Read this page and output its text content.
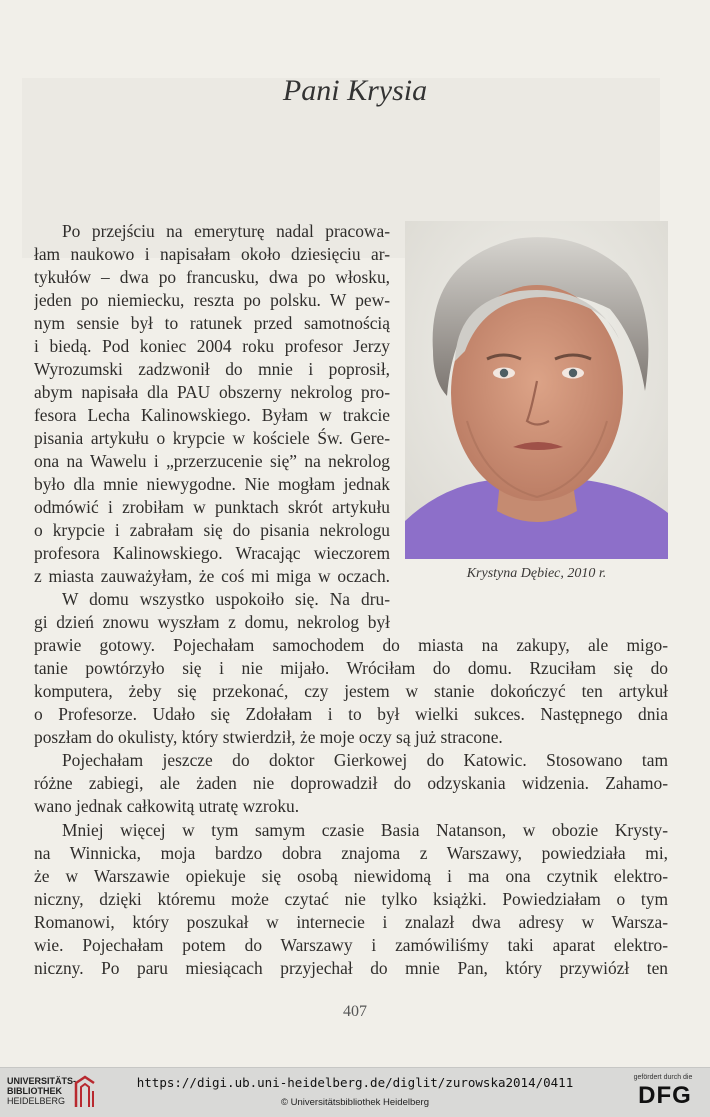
Pani Krysia
Po przejściu na emeryturę nadal pracowa-
łam naukowo i napisałam około dziesięciu ar-
tykułów – dwa po francusku, dwa po włosku,
jeden po niemiecku, reszta po polsku. W pew-
nym sensie był to ratunek przed samotnością
i biedą. Pod koniec 2004 roku profesor Jerzy
Wyrozumski zadzwonił do mnie i poprosił,
abym napisała dla PAU obszerny nekrolog pro-
fesora Lecha Kalinowskiego. Byłam w trakcie
pisania artykułu o krypcie w kościele Św. Gere-
ona na Wawelu i „przerzucenie się” na nekrolog
było dla mnie niewygodne. Nie mogłam jednak
odmówić i zrobiłam w punktach skrót artykułu
o krypcie i zabrałam się do pisania nekrologu
profesora Kalinowskiego. Wracając wieczorem
z miasta zauważyłam, że coś mi miga w oczach.
W domu wszystko uspokoiło się. Na dru-
gi dzień znowu wyszłam z domu, nekrolog był
prawie gotowy. Pojechałam samochodem do miasta na zakupy, ale migo-
tanie powtórzyło się i nie mijało. Wróciłam do domu. Rzuciłam się do
komputera, żeby się przekonać, czy jestem w stanie dokończyć ten artykuł
o Profesorze. Udało się Zdołałam i to był wielki sukces. Następnego dnia
poszłam do okulisty, który stwierdził, że moje oczy są już stracone.
Pojechałam jeszcze do doktor Gierkowej do Katowic. Stosowano tam
różne zabiegi, ale żaden nie doprowadził do odzyskania widzenia. Zahamo-
wano jednak całkowitą utratę wzroku.
Mniej więcej w tym samym czasie Basia Natanson, w obozie Krysty-
na Winnicka, moja bardzo dobra znajoma z Warszawy, powiedziała mi,
że w Warszawie opiekuje się osobą niewidomą i ma ona czytnik elektro-
niczny, dzięki któremu może czytać nie tylko książki. Powiedziałam o tym
Romanowi, który poszukał w internecie i znalazł dwa adresy w Warsza-
wie. Pojechałam potem do Warszawy i zamówiliśmy taki aparat elektro-
niczny. Po paru miesiącach przyjechał do mnie Pan, który przywiózł ten
Krystyna Dębiec, 2010 r.
407
UNIVERSITÄTS-
BIBLIOTHEK
HEIDELBERG
https://digi.ub.uni-heidelberg.de/diglit/zurowska2014/0411
© Universitätsbibliothek Heidelberg
gefördert durch die
DFG
